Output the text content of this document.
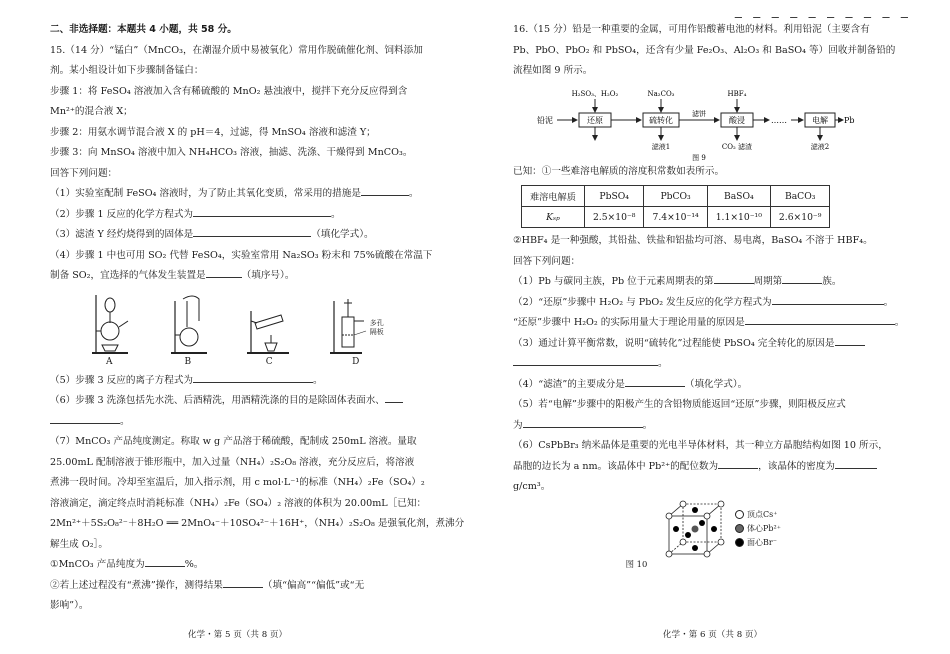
二、非选择题：本题共 4 小题，共 58 分。
15.（14 分）“锰白”（MnCO₃，在潮湿介质中易被氧化）常用作脱硫催化剂、饲料添加
剂。某小组设计如下步骤制备锰白：
步骤 1：将 FeSO₄ 溶液加入含有稀硫酸的 MnO₂ 悬浊液中，搅拌下充分反应得到含
Mn²⁺的混合液 X；
步骤 2：用氨水调节混合液 X 的 pH＝4，过滤，得 MnSO₄ 溶液和滤渣 Y；
步骤 3：向 MnSO₄ 溶液中加入 NH₄HCO₃ 溶液，抽滤、洗涤、干燥得到 MnCO₃。
回答下列问题：
（1）实验室配制 FeSO₄ 溶液时，为了防止其氧化变质，常采用的措施是	。
（2）步骤 1 反应的化学方程式为	。
（3）滤渣 Y 经灼烧得到的固体是	（填化学式）。
（4）步骤 1 中也可用 SO₂ 代替 FeSO₄，实验室常用 Na₂SO₃ 粉末和 75%硫酸在常温下
制备 SO₂，宜选择的气体发生装置是	（填序号）。
A	B	C	D
多孔
隔板
（5）步骤 3 反应的离子方程式为	。
（6）步骤 3 洗涤包括先水洗、后酒精洗，用酒精洗涤的目的是除固体表面水、
。
（7）MnCO₃ 产品纯度测定。称取 w g 产品溶于稀硫酸，配制成 250mL 溶液。量取
25.00mL 配制溶液于锥形瓶中，加入过量（NH₄）₂S₂O₈ 溶液，充分反应后，将溶液
煮沸一段时间。冷却至室温后，加入指示剂，用 c mol·L⁻¹的标准（NH₄）₂Fe（SO₄）₂
溶液滴定，滴定终点时消耗标准（NH₄）₂Fe（SO₄）₂ 溶液的体积为 20.00mL［已知：
2Mn²⁺＋5S₂O₈²⁻＋8H₂O ══ 2MnO₄⁻＋10SO₄²⁻＋16H⁺，（NH₄）₂S₂O₈ 是强氧化剂，煮沸分
解生成 O₂］。
①MnCO₃ 产品纯度为	%。
②若上述过程没有“煮沸”操作，测得结果	（填“偏高”“偏低”或“无
影响”）。
化学・第 5 页（共 8 页）
— — — — — — — — — —
16.（15 分）铅是一种重要的金属，可用作铅酸蓄电池的材料。利用铅泥（主要含有
Pb、PbO、PbO₂ 和 PbSO₄，还含有少量 Fe₂O₃、Al₂O₃ 和 BaSO₄ 等）回收并制备铅的
流程如图 9 所示。
H₂SO₃、H₂O₂	Na₂CO₃	HBF₄
铅泥	还原	硫转化
滤饼
酸浸	……	电解 Pb
滤液1	CO₂ 滤渣	滤液2
图 9
已知：①一些难溶电解质的溶度积常数如表所示。
难溶电解质	PbSO₄	PbCO₃	BaSO₄	BaCO₃
Kₛₚ	2.5×10⁻⁸	7.4×10⁻¹⁴	1.1×10⁻¹⁰	2.6×10⁻⁹
②HBF₄ 是一种强酸，其铅盐、铁盐和铝盐均可溶、易电离，BaSO₄ 不溶于 HBF₄。
回答下列问题：
（1）Pb 与碳同主族，Pb 位于元素周期表的第	周期第	族。
（2）“还原”步骤中 H₂O₂ 与 PbO₂ 发生反应的化学方程式为	。
“还原”步骤中 H₂O₂ 的实际用量大于理论用量的原因是	。
（3）通过计算平衡常数，说明“硫转化”过程能使 PbSO₄ 完全转化的原因是
。
（4）“滤渣”的主要成分是	（填化学式）。
（5）若“电解”步骤中的阳极产生的含铅物质能返回“还原”步骤，则阳极反应式
为	。
（6）CsPbBr₃ 纳米晶体是重要的光电半导体材料，其一种立方晶胞结构如图 10 所示，
晶胞的边长为 a nm。该晶体中 Pb²⁺的配位数为	，该晶体的密度为
g/cm³。
顶点Cs⁺
体心Pb²⁺
面心Br⁻
图 10
化学・第 6 页（共 8 页）
